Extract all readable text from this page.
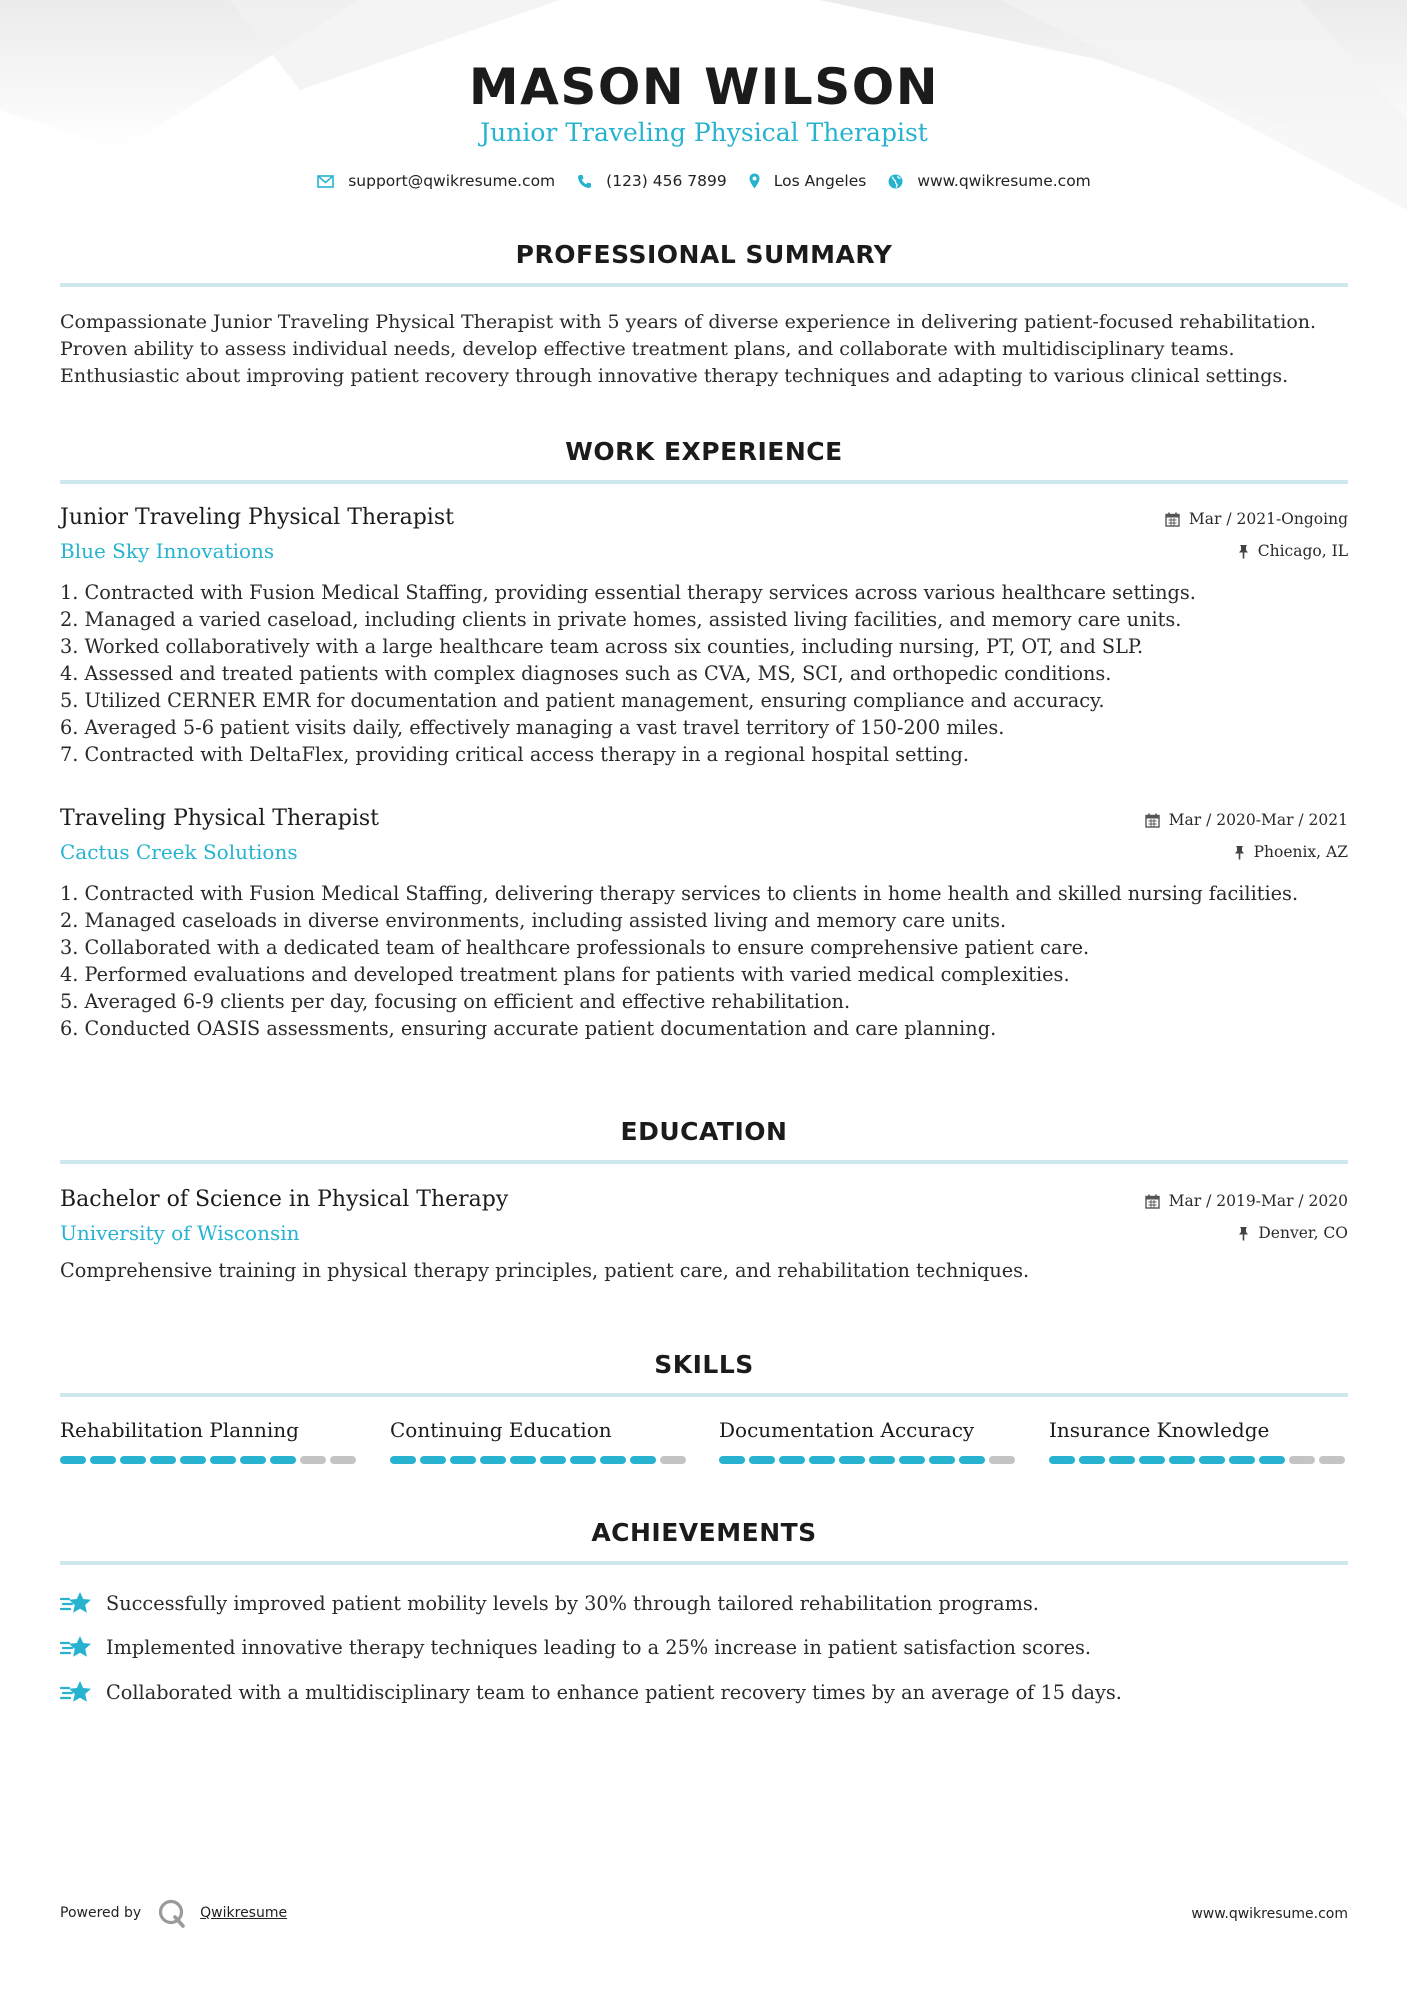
MASON WILSON
Junior Traveling Physical Therapist
support@qwikresume.com	(123) 456 7899	Los Angeles	www.qwikresume.com
PROFESSIONAL SUMMARY
Compassionate Junior Traveling Physical Therapist with 5 years of diverse experience in delivering patient-focused rehabilitation. Proven ability to assess individual needs, develop effective treatment plans, and collaborate with multidisciplinary teams. Enthusiastic about improving patient recovery through innovative therapy techniques and adapting to various clinical settings.
WORK EXPERIENCE
Junior Traveling Physical Therapist
Blue Sky Innovations
Mar / 2021-Ongoing
Chicago, IL
1. Contracted with Fusion Medical Staffing, providing essential therapy services across various healthcare settings.
2. Managed a varied caseload, including clients in private homes, assisted living facilities, and memory care units.
3. Worked collaboratively with a large healthcare team across six counties, including nursing, PT, OT, and SLP.
4. Assessed and treated patients with complex diagnoses such as CVA, MS, SCI, and orthopedic conditions.
5. Utilized CERNER EMR for documentation and patient management, ensuring compliance and accuracy.
6. Averaged 5-6 patient visits daily, effectively managing a vast travel territory of 150-200 miles.
7. Contracted with DeltaFlex, providing critical access therapy in a regional hospital setting.
Traveling Physical Therapist
Cactus Creek Solutions
Mar / 2020-Mar / 2021
Phoenix, AZ
1. Contracted with Fusion Medical Staffing, delivering therapy services to clients in home health and skilled nursing facilities.
2. Managed caseloads in diverse environments, including assisted living and memory care units.
3. Collaborated with a dedicated team of healthcare professionals to ensure comprehensive patient care.
4. Performed evaluations and developed treatment plans for patients with varied medical complexities.
5. Averaged 6-9 clients per day, focusing on efficient and effective rehabilitation.
6. Conducted OASIS assessments, ensuring accurate patient documentation and care planning.
EDUCATION
Bachelor of Science in Physical Therapy
University of Wisconsin
Mar / 2019-Mar / 2020
Denver, CO
Comprehensive training in physical therapy principles, patient care, and rehabilitation techniques.
SKILLS
Rehabilitation Planning	Continuing Education	Documentation Accuracy	Insurance Knowledge
ACHIEVEMENTS
Successfully improved patient mobility levels by 30% through tailored rehabilitation programs.
Implemented innovative therapy techniques leading to a 25% increase in patient satisfaction scores.
Collaborated with a multidisciplinary team to enhance patient recovery times by an average of 15 days.
Powered by	Qwikresume	www.qwikresume.com
